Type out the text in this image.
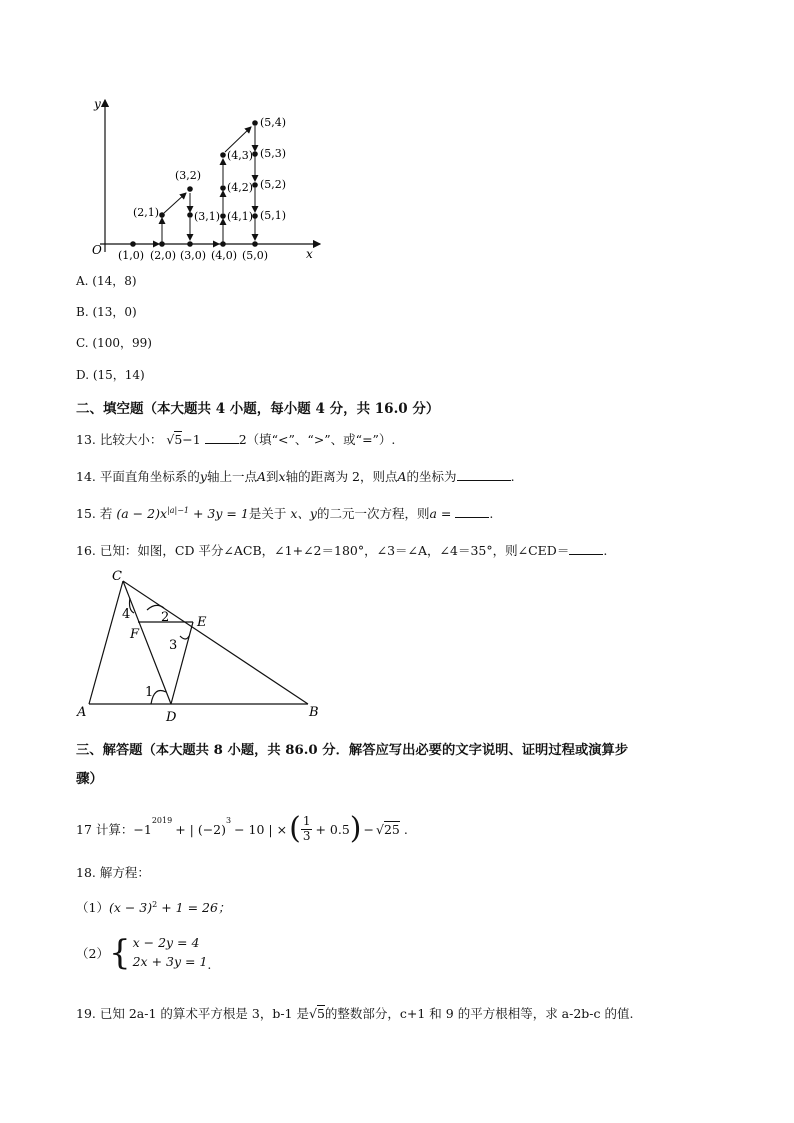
y
x
O (1,0) (2,0) (3,0) (4,0) (5,0)
(2,1)	(3,1)
(3,2)
(4,1)
(4,2)
(4,3)
(5,1)
(5,2)
(5,3)
(5,4)
A. (14，8)
B. (13，0)
C. (100，99)
D. (15，14)
二、填空题（本大题共 4 小题，每小题 4 分，共 16.0 分）
13. 比较大小： √5−1	2（填“<”、“>”、或“=”）.
14. 平面直角坐标系的y轴上一点A到x轴的距离为 2，则点A的坐标为	.
15. 若 $(a - 2)x^{|a|-1} + 3y = 1$是关于 x、y的二元一次方程，则a =	.
16. 已知：如图，CD 平分∠ACB，∠1+∠2＝180°，∠3＝∠A，∠4＝35°，则∠CED＝	.
C
E
F
A	D	B
1
2
3
4
三、解答题（本大题共 8 小题，共 86.0 分．解答应写出必要的文字说明、证明过程或演算步
骤）
17
计算： −1
$^{2019}$
+ | (−2)
$^3$
− 10 | × ( $\frac{1}{3} + 0.5$ ) − √25 .
18. 解方程：
$(1)(x - 3)^2 + 1 = 26$；
（2） { x − 2y = 4
2x + 3y = 1 .
19. 已知 2a-1 的算术平方根是 3，b-1 是√5的整数部分，c+1 和 9 的平方根相等，求 a-2b-c 的值.
